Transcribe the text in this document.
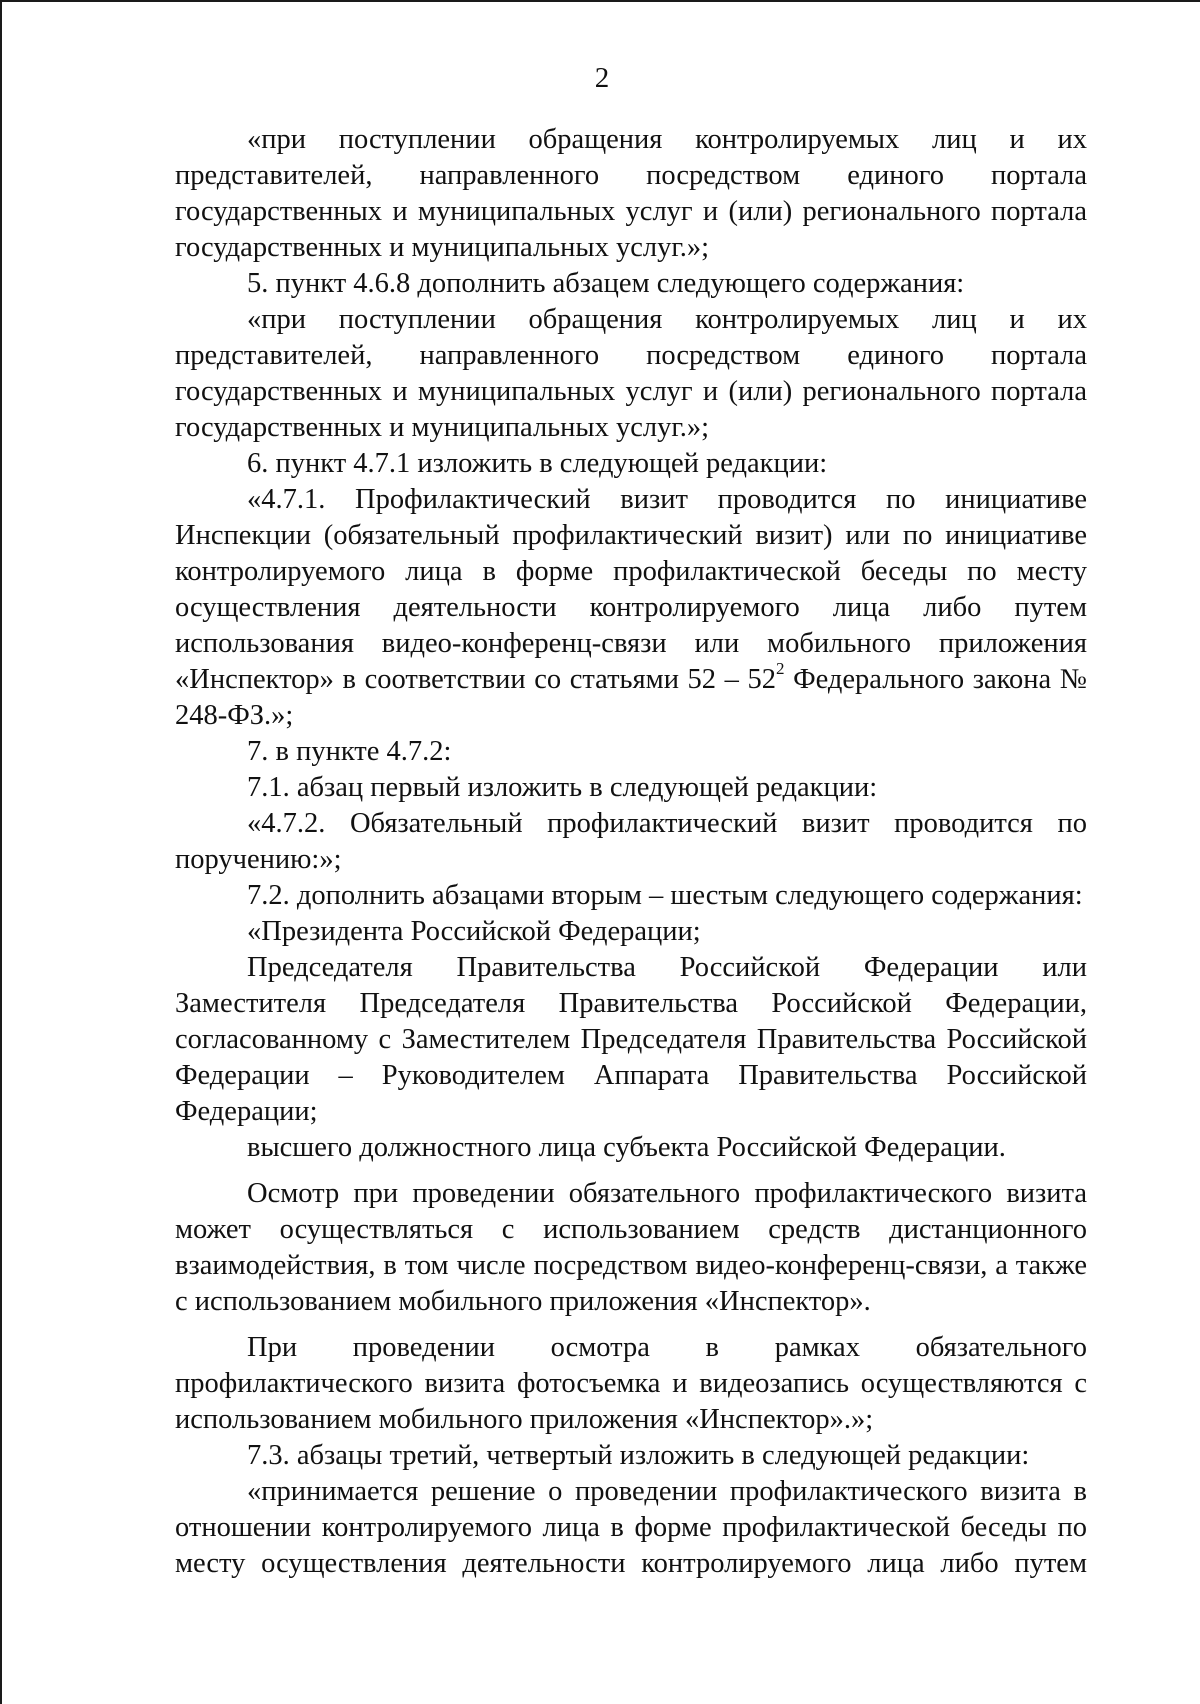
2

«при поступлении обращения контролируемых лиц и их представителей, направленного посредством единого портала государственных и муниципальных услуг и (или) регионального портала государственных и муниципальных услуг.»;

5. пункт 4.6.8 дополнить абзацем следующего содержания:

«при поступлении обращения контролируемых лиц и их представителей, направленного посредством единого портала государственных и муниципальных услуг и (или) регионального портала государственных и муниципальных услуг.»;

6. пункт 4.7.1 изложить в следующей редакции:

«4.7.1. Профилактический визит проводится по инициативе Инспекции (обязательный профилактический визит) или по инициативе контролируемого лица в форме профилактической беседы по месту осуществления деятельности контролируемого лица либо путем использования видео-конференц-связи или мобильного приложения «Инспектор» в соответствии со статьями $52 - 52^2$ Федерального закона № 248-ФЗ.»;

7. в пункте 4.7.2:

7.1. абзац первый изложить в следующей редакции:

«4.7.2. Обязательный профилактический визит проводится по поручению:»;

7.2. дополнить абзацами вторым – шестым следующего содержания:

«Президента Российской Федерации;

Председателя Правительства Российской Федерации или Заместителя Председателя Правительства Российской Федерации, согласованному с Заместителем Председателя Правительства Российской Федерации – Руководителем Аппарата Правительства Российской Федерации;

высшего должностного лица субъекта Российской Федерации.

Осмотр при проведении обязательного профилактического визита может осуществляться с использованием средств дистанционного взаимодействия, в том числе посредством видео-конференц-связи, а также с использованием мобильного приложения «Инспектор».

При проведении осмотра в рамках обязательного профилактического визита фотосъемка и видеозапись осуществляются с использованием мобильного приложения «Инспектор».»;

7.3. абзацы третий, четвертый изложить в следующей редакции:

«принимается решение о проведении профилактического визита в отношении контролируемого лица в форме профилактической беседы по месту осуществления деятельности контролируемого лица либо путем
